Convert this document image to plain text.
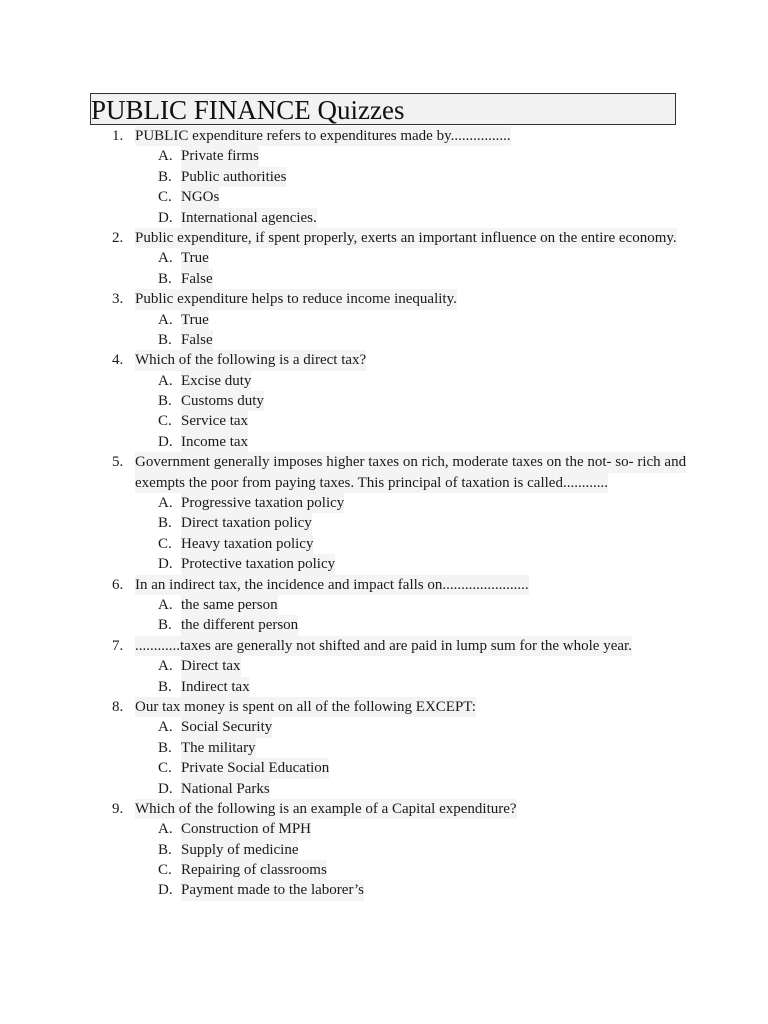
PUBLIC FINANCE Quizzes
1. PUBLIC expenditure refers to expenditures made by................
A. Private firms
B. Public authorities
C. NGOs
D. International agencies.
2. Public expenditure, if spent properly, exerts an important influence on the entire economy.
A. True
B. False
3. Public expenditure helps to reduce income inequality.
A. True
B. False
4. Which of the following is a direct tax?
A. Excise duty
B. Customs duty
C. Service tax
D. Income tax
5. Government generally imposes higher taxes on rich, moderate taxes on the not- so- rich and
exempts the poor from paying taxes. This principal of taxation is called............
A. Progressive taxation policy
B. Direct taxation policy
C. Heavy taxation policy
D. Protective taxation policy
6. In an indirect tax, the incidence and impact falls on.......................
A. the same person
B. the different person
7. ............taxes are generally not shifted and are paid in lump sum for the whole year.
A. Direct tax
B. Indirect tax
8. Our tax money is spent on all of the following EXCEPT:
A. Social Security
B. The military
C. Private Social Education
D. National Parks
9. Which of the following is an example of a Capital expenditure?
A. Construction of MPH
B. Supply of medicine
C. Repairing of classrooms
D. Payment made to the laborer’s
